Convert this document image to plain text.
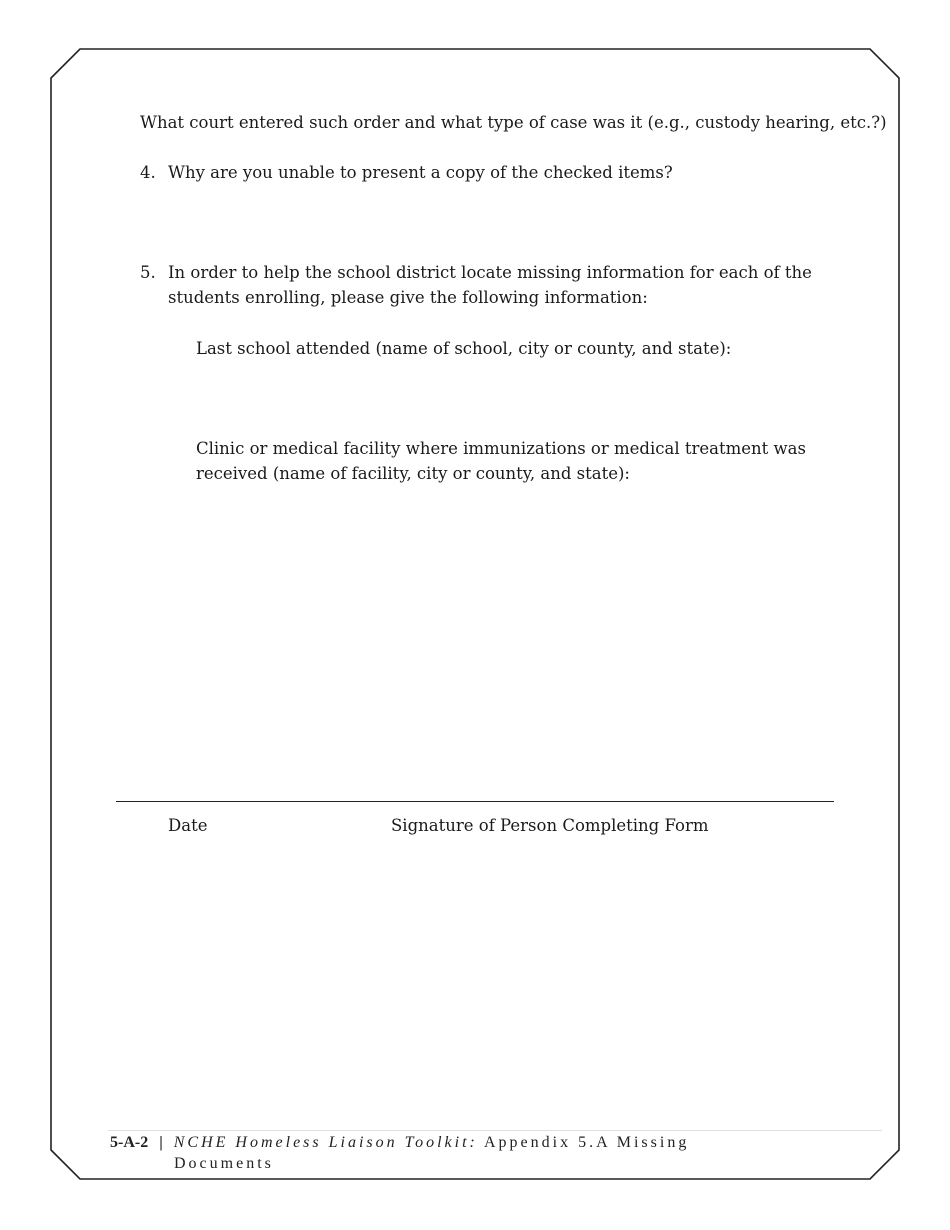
What court entered such order and what type of case was it (e.g., custody hearing, etc.?)
4. Why are you unable to present a copy of the checked items?
5. In order to help the school district locate missing information for each of the
students enrolling, please give the following information:
Last school attended (name of school, city or county, and state):
Clinic or medical facility where immunizations or medical treatment was
received (name of facility, city or county, and state):
Date	Signature of Person Completing Form
5-A-2 | NCHE Homeless Liaison Toolkit: Appendix 5.A Missing
Documents
